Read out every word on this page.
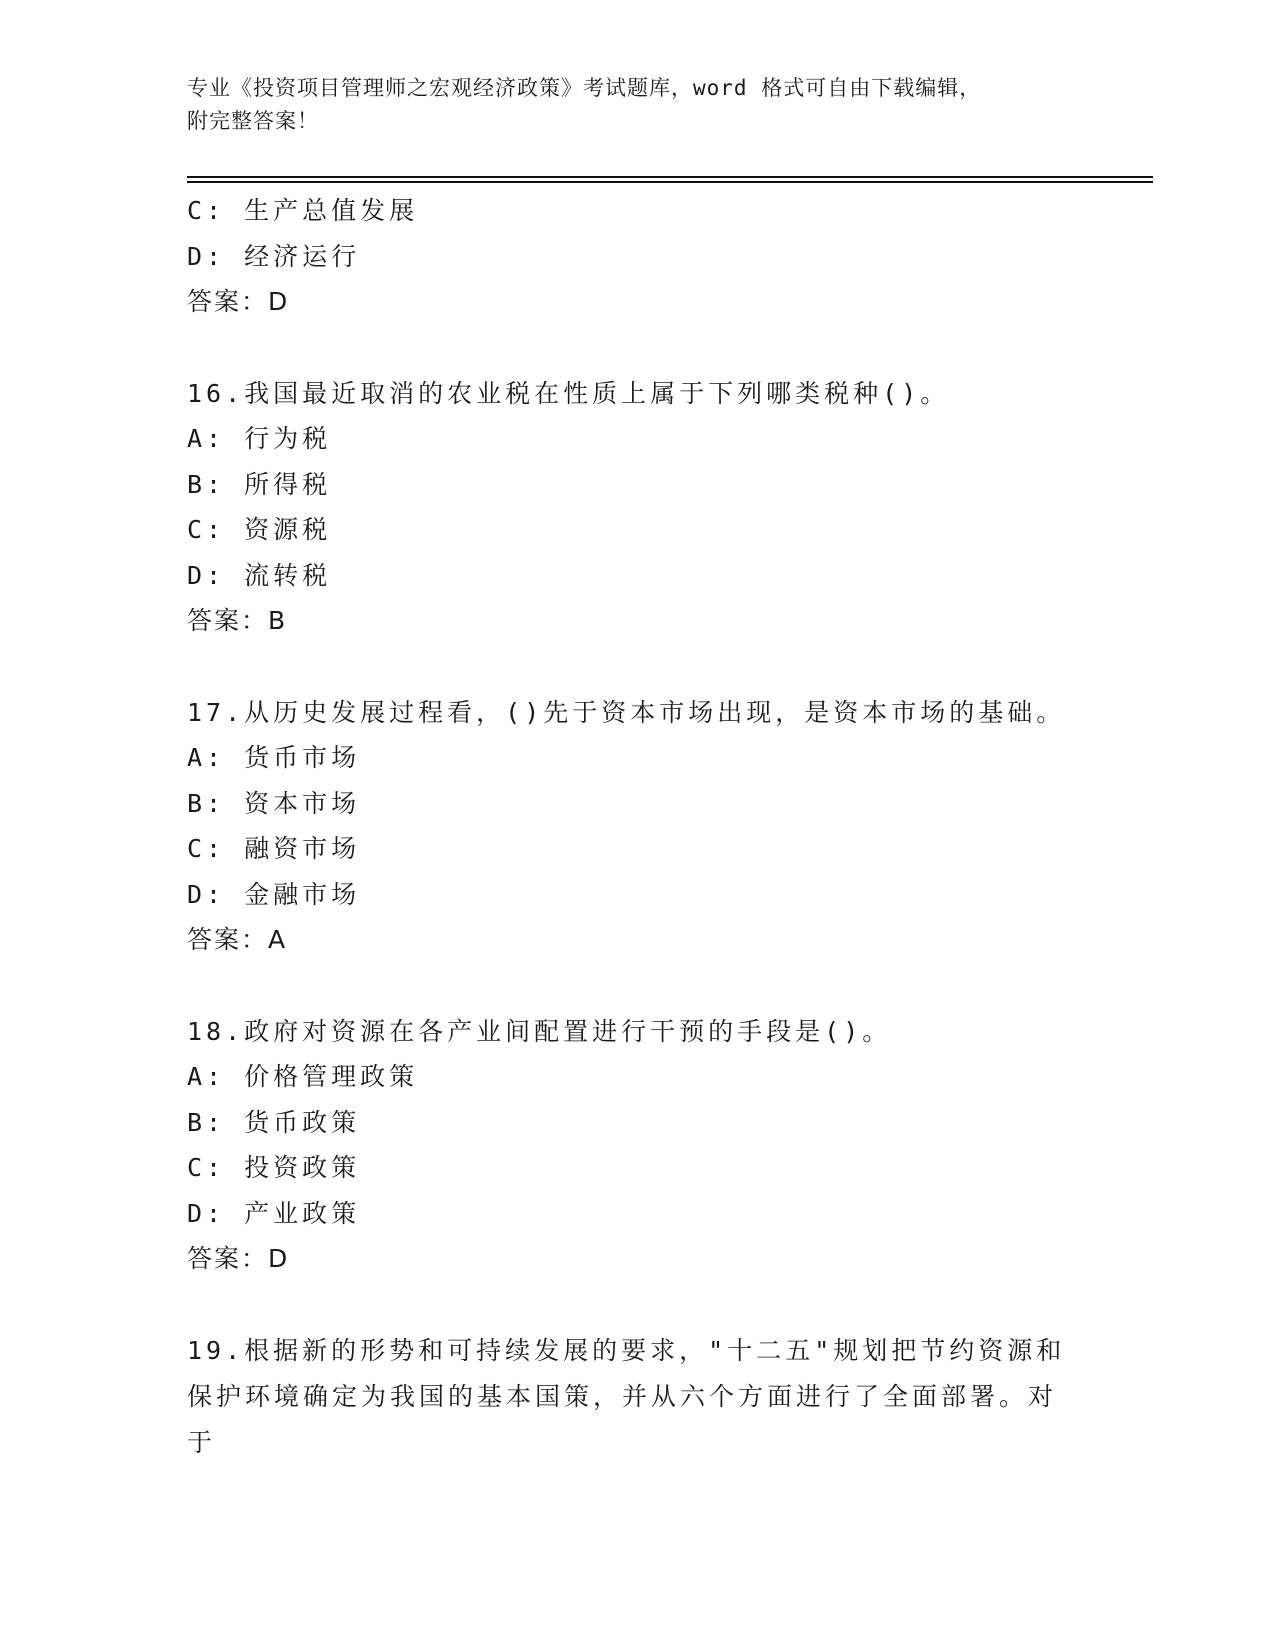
专业《投资项目管理师之宏观经济政策》考试题库，word 格式可自由下载编辑，
附完整答案！
C: 生产总值发展
D: 经济运行
答案：D
16.我国最近取消的农业税在性质上属于下列哪类税种()。
A: 行为税
B: 所得税
C: 资源税
D: 流转税
答案：B
17.从历史发展过程看，()先于资本市场出现，是资本市场的基础。
A: 货币市场
B: 资本市场
C: 融资市场
D: 金融市场
答案：A
18.政府对资源在各产业间配置进行干预的手段是()。
A: 价格管理政策
B: 货币政策
C: 投资政策
D: 产业政策
答案：D
19.根据新的形势和可持续发展的要求，"十二五"规划把节约资源和保护环境确定为我国的基本国策，并从六个方面进行了全面部署。对于
